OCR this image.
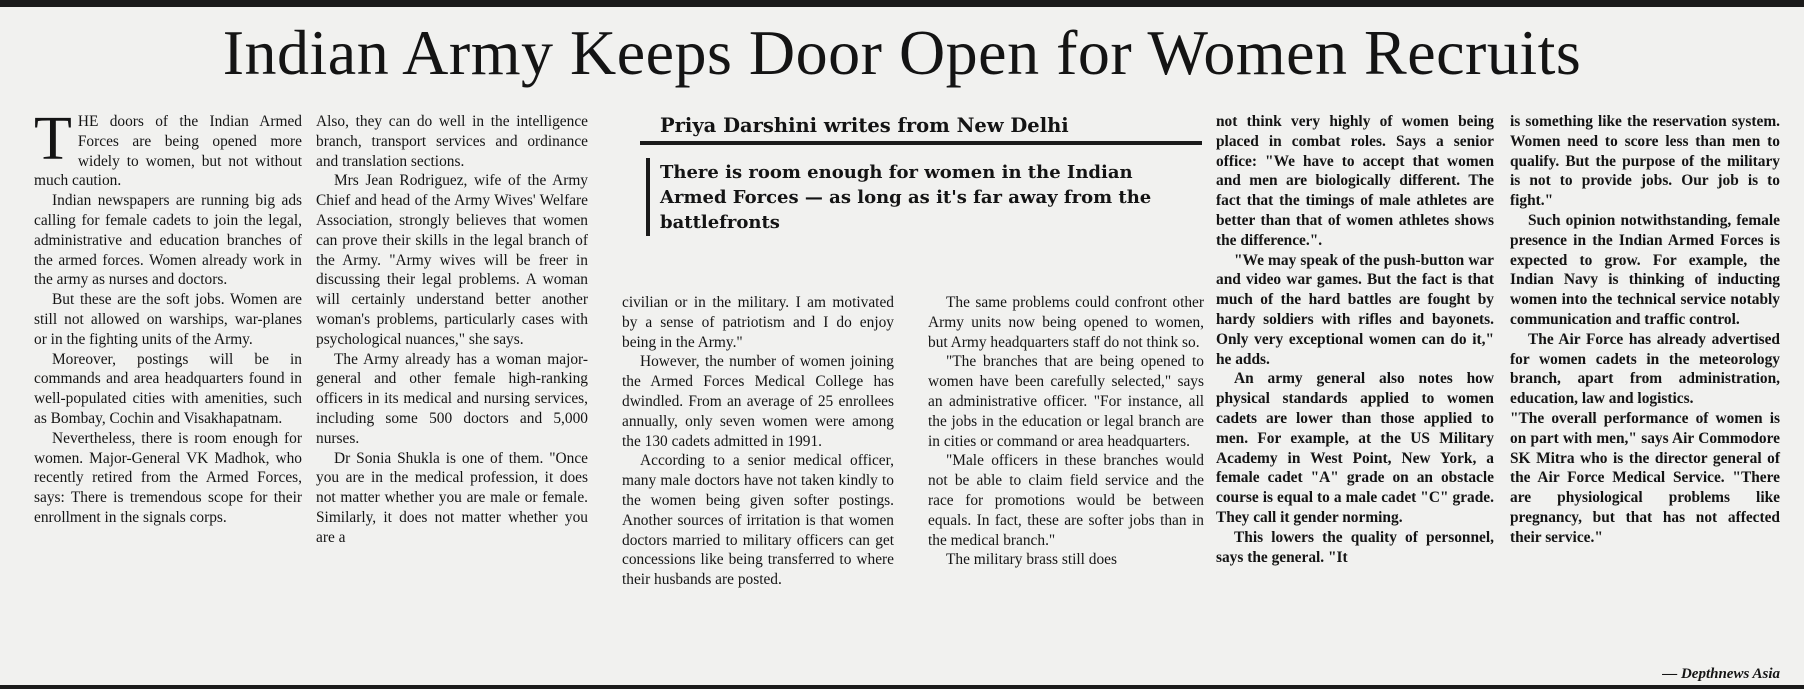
Indian Army Keeps Door Open for Women Recruits

THE doors of the Indian Armed Forces are being opened more widely to women, but not without much caution.

Indian newspapers are running big ads calling for female cadets to join the legal, administrative and education branches of the armed forces. Women already work in the army as nurses and doctors.

But these are the soft jobs. Women are still not allowed on warships, war-planes or in the fighting units of the Army.

Moreover, postings will be in commands and area headquarters found in well-populated cities with amenities, such as Bombay, Cochin and Visakhapatnam.

Nevertheless, there is room enough for women. Major-General VK Madhok, who recently retired from the Armed Forces, says: There is tremendous scope for their enrollment in the signals corps.

Also, they can do well in the intelligence branch, transport services and ordinance and translation sections.

Mrs Jean Rodriguez, wife of the Army Chief and head of the Army Wives' Welfare Association, strongly believes that women can prove their skills in the legal branch of the Army. "Army wives will be freer in discussing their legal problems. A woman will certainly understand better another woman's problems, particularly cases with psychological nuances," she says.

The Army already has a woman major-general and other female high-ranking officers in its medical and nursing services, including some 500 doctors and 5,000 nurses.

Dr Sonia Shukla is one of them. "Once you are in the medical profession, it does not matter whether you are male or female. Similarly, it does not matter whether you are a

Priya Darshini writes from New Delhi
There is room enough for women in the Indian Armed Forces — as long as it's far away from the battlefronts

civilian or in the military. I am motivated by a sense of patriotism and I do enjoy being in the Army."

However, the number of women joining the Armed Forces Medical College has dwindled. From an average of 25 enrollees annually, only seven women were among the 130 cadets admitted in 1991.

According to a senior medical officer, many male doctors have not taken kindly to the women being given softer postings. Another sources of irritation is that women doctors married to military officers can get concessions like being transferred to where their husbands are posted.

The same problems could confront other Army units now being opened to women, but Army headquarters staff do not think so.

"The branches that are being opened to women have been carefully selected," says an administrative officer. "For instance, all the jobs in the education or legal branch are in cities or command or area headquarters.

"Male officers in these branches would not be able to claim field service and the race for promotions would be between equals. In fact, these are softer jobs than in the medical branch."

The military brass still does

not think very highly of women being placed in combat roles. Says a senior office: "We have to accept that women and men are biologically different. The fact that the timings of male athletes are better than that of women athletes shows the difference.".

"We may speak of the push-button war and video war games. But the fact is that much of the hard battles are fought by hardy soldiers with rifles and bayonets. Only very exceptional women can do it," he adds.

An army general also notes how physical standards applied to women cadets are lower than those applied to men. For example, at the US Military Academy in West Point, New York, a female cadet "A" grade on an obstacle course is equal to a male cadet "C" grade. They call it gender norming.

This lowers the quality of personnel, says the general. "It

is something like the reservation system. Women need to score less than men to qualify. But the purpose of the military is not to provide jobs. Our job is to fight."

Such opinion notwithstanding, female presence in the Indian Armed Forces is expected to grow. For example, the Indian Navy is thinking of inducting women into the technical service notably communication and traffic control.

The Air Force has already advertised for women cadets in the meteorology branch, apart from administration, education, law and logistics.

"The overall performance of women is on part with men," says Air Commodore SK Mitra who is the director general of the Air Force Medical Service. "There are physiological problems like pregnancy, but that has not affected their service."

— Depthnews Asia
